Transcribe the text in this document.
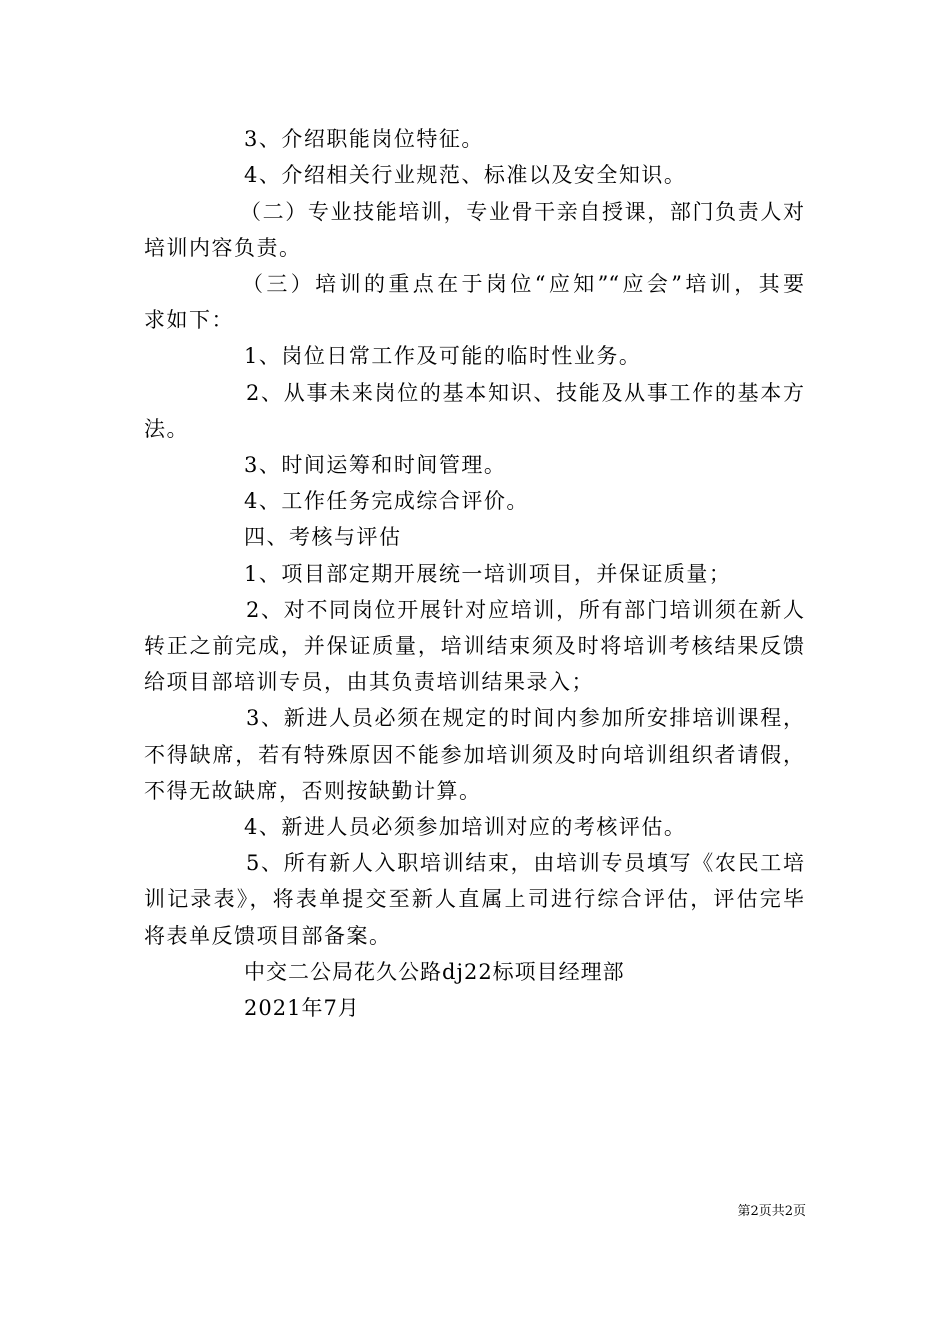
3、介绍职能岗位特征。
4、介绍相关行业规范、标准以及安全知识。
（二）专业技能培训，专业骨干亲自授课，部门负责人对
培训内容负责。
（三）培训的重点在于岗位“应知”“应会”培训，其要
求如下：
1、岗位日常工作及可能的临时性业务。
2、从事未来岗位的基本知识、技能及从事工作的基本方
法。
3、时间运筹和时间管理。
4、工作任务完成综合评价。
四、考核与评估
1、项目部定期开展统一培训项目，并保证质量；
2、对不同岗位开展针对应培训，所有部门培训须在新人
转正之前完成，并保证质量，培训结束须及时将培训考核结果反馈
给项目部培训专员，由其负责培训结果录入；
3、新进人员必须在规定的时间内参加所安排培训课程，
不得缺席，若有特殊原因不能参加培训须及时向培训组织者请假，
不得无故缺席，否则按缺勤计算。
4、新进人员必须参加培训对应的考核评估。
5、所有新人入职培训结束，由培训专员填写《农民工培
训记录表》，将表单提交至新人直属上司进行综合评估，评估完毕
将表单反馈项目部备案。
中交二公局花久公路dj22标项目经理部
2021年7月
第2页共2页
